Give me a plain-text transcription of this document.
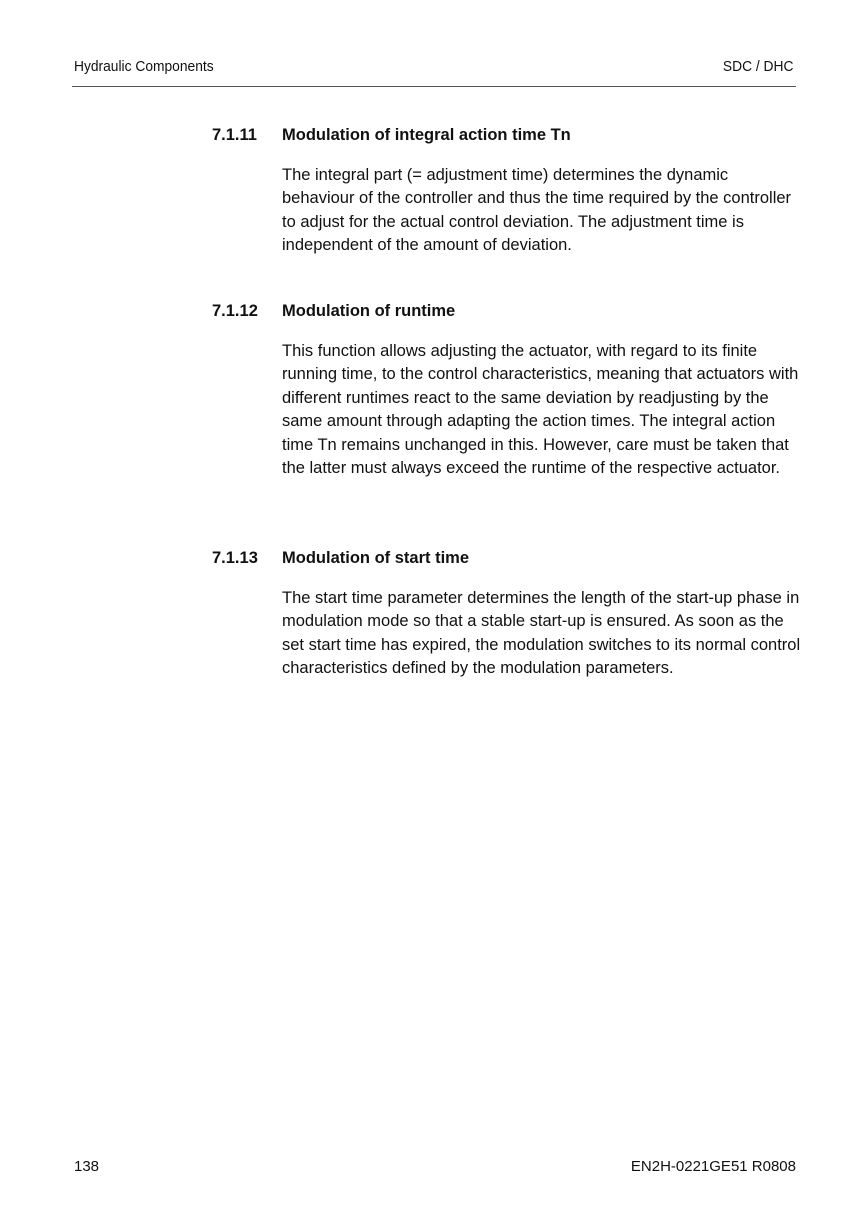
Hydraulic Components	SDC / DHC
7.1.11 Modulation of integral action time Tn
The integral part (= adjustment time) determines the dynamic behaviour of the controller and thus the time required by the controller to adjust for the actual control deviation. The adjustment time is independent of the amount of deviation.
7.1.12 Modulation of runtime
This function allows adjusting the actuator, with regard to its finite running time, to the control characteristics, meaning that actuators with different runtimes react to the same deviation by readjusting by the same amount through adapting the action times. The integral action time Tn remains unchanged in this. However, care must be taken that the latter must always exceed the runtime of the respective actuator.
7.1.13 Modulation of start time
The start time parameter determines the length of the start-up phase in modulation mode so that a stable start-up is ensured. As soon as the set start time has expired, the modulation switches to its normal control characteristics defined by the modulation parameters.
138	EN2H-0221GE51 R0808
